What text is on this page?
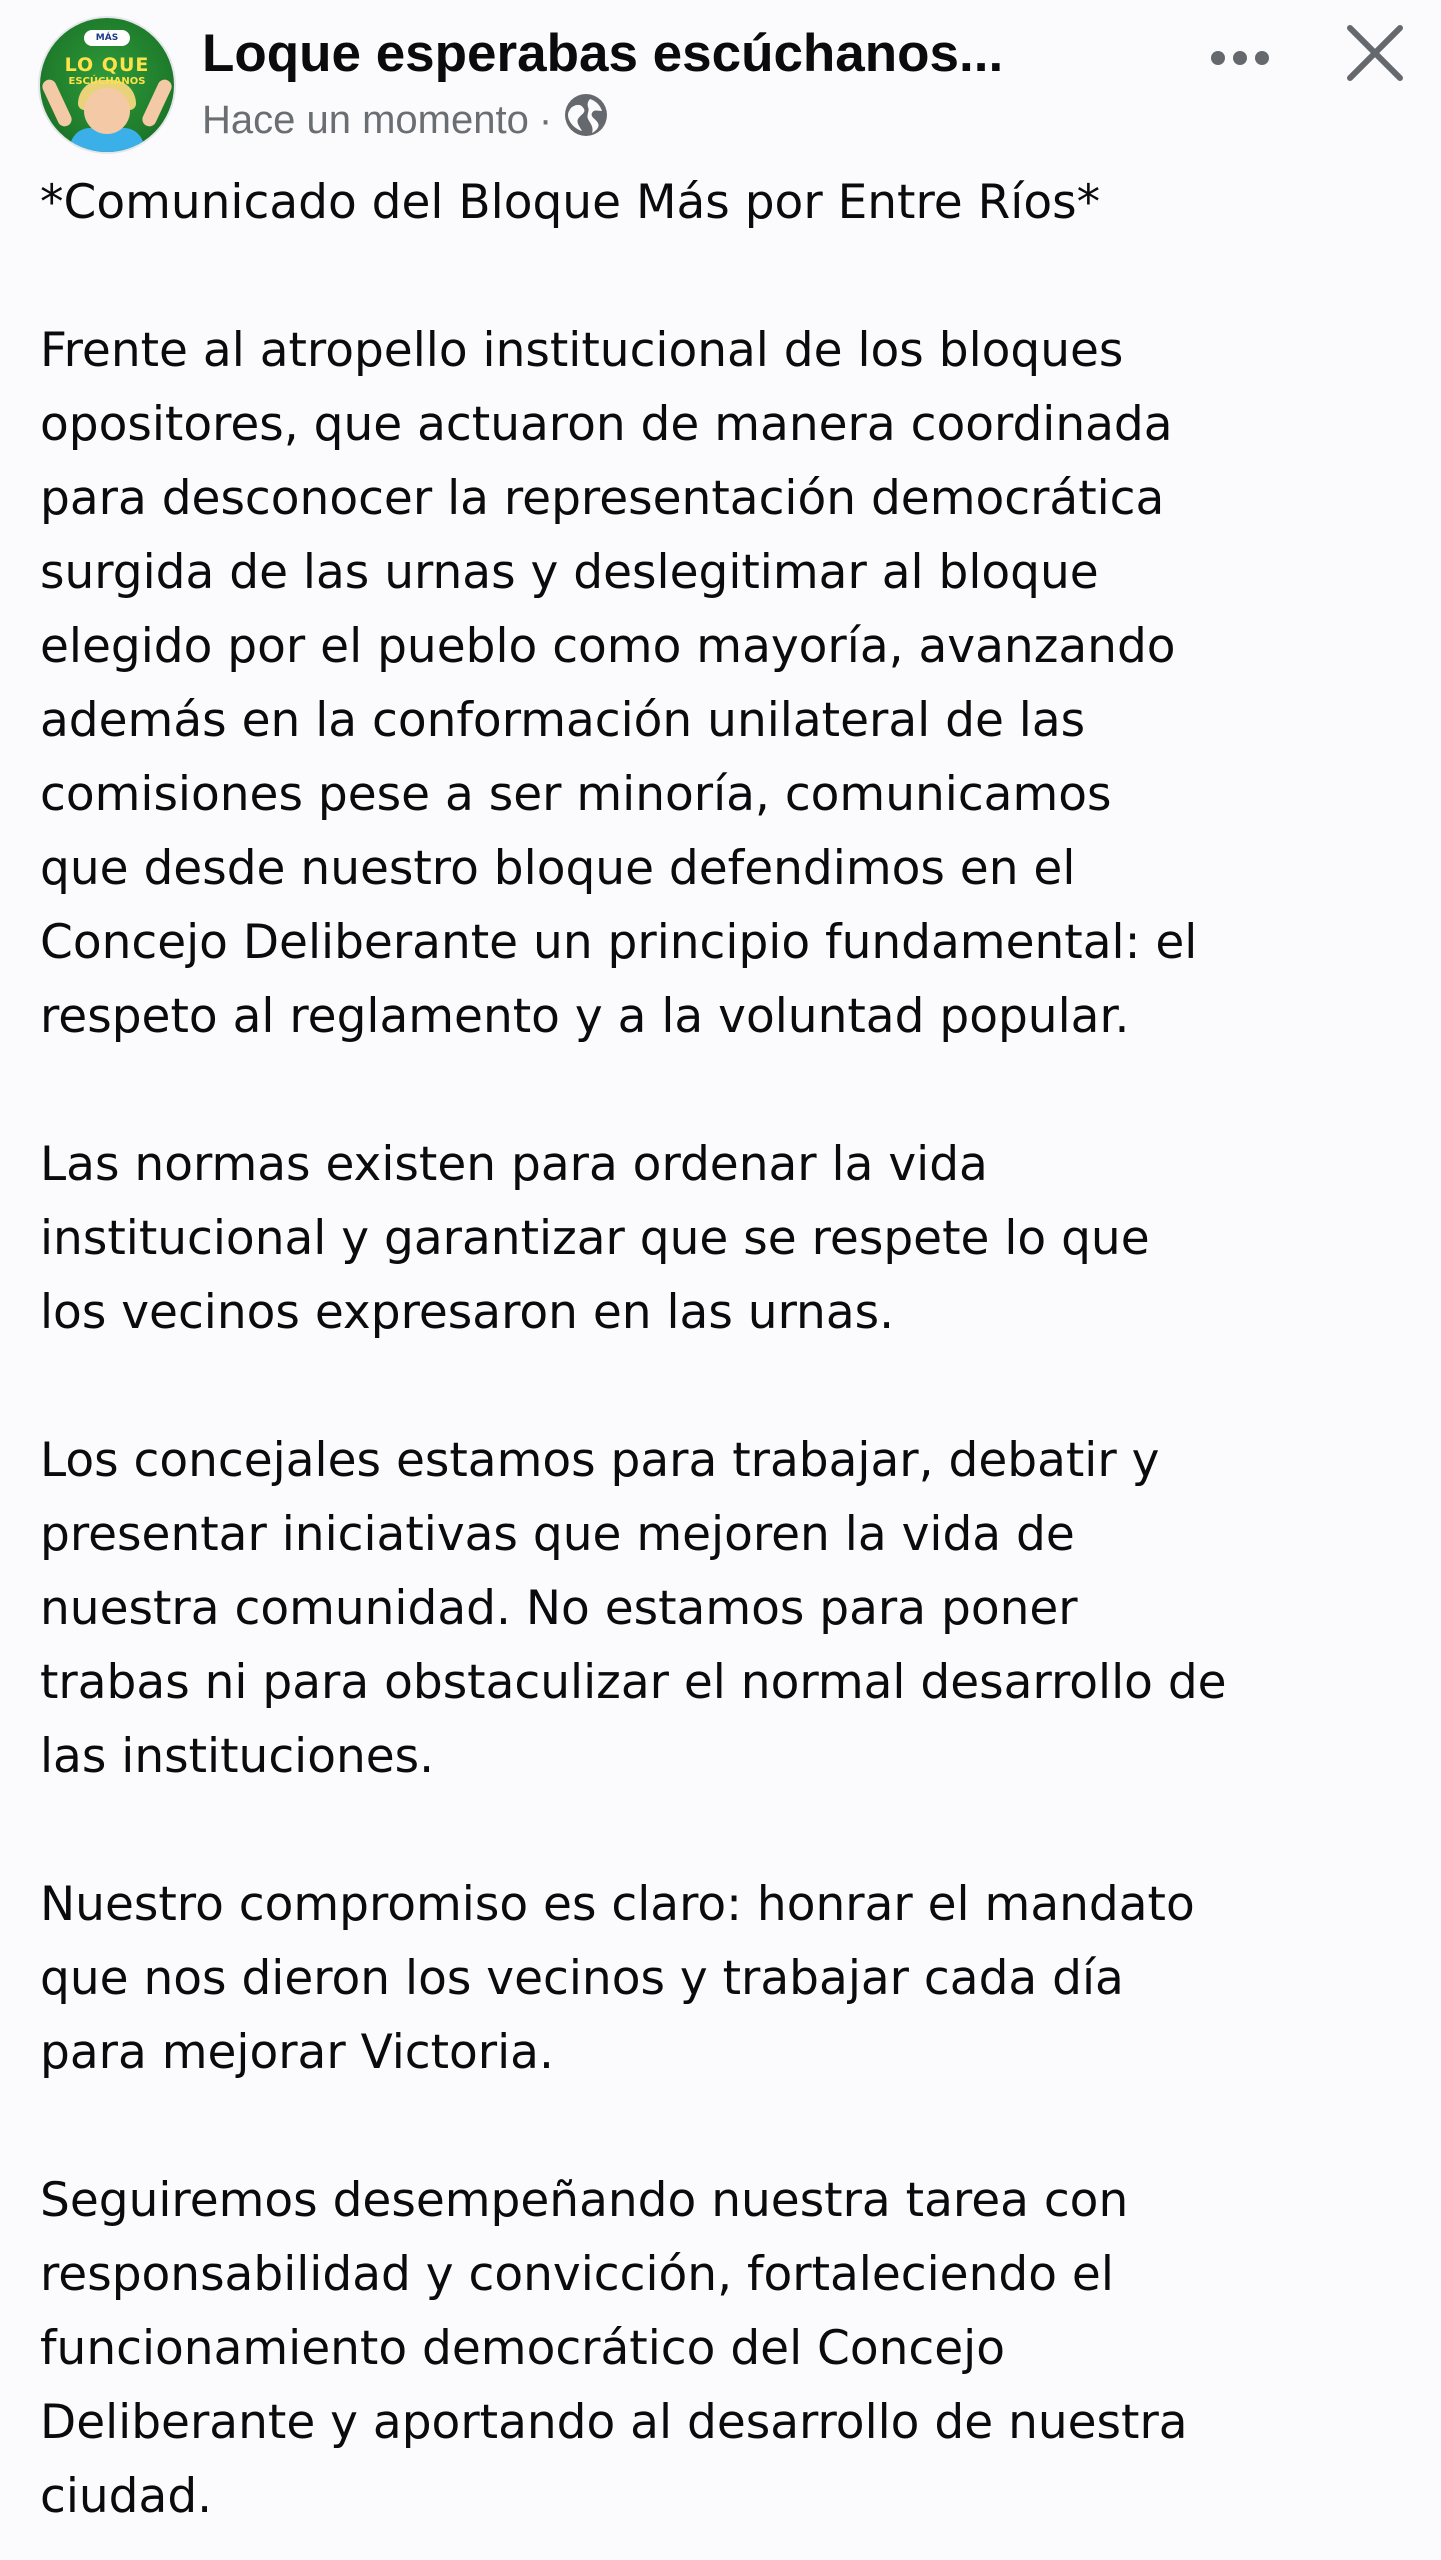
MÁS
LO QUE
ESCÚCHANOS	Loque esperabas escúchanos...
Hace un momento ·

*Comunicado del Bloque Más por Entre Ríos*

Frente al atropello institucional de los bloques
opositores, que actuaron de manera coordinada
para desconocer la representación democrática
surgida de las urnas y deslegitimar al bloque
elegido por el pueblo como mayoría, avanzando
además en la conformación unilateral de las
comisiones pese a ser minoría, comunicamos
que desde nuestro bloque defendimos en el
Concejo Deliberante un principio fundamental: el
respeto al reglamento y a la voluntad popular.

Las normas existen para ordenar la vida
institucional y garantizar que se respete lo que
los vecinos expresaron en las urnas.

Los concejales estamos para trabajar, debatir y
presentar iniciativas que mejoren la vida de
nuestra comunidad. No estamos para poner
trabas ni para obstaculizar el normal desarrollo de
las instituciones.

Nuestro compromiso es claro: honrar el mandato
que nos dieron los vecinos y trabajar cada día
para mejorar Victoria.

Seguiremos desempeñando nuestra tarea con
responsabilidad y convicción, fortaleciendo el
funcionamiento democrático del Concejo
Deliberante y aportando al desarrollo de nuestra
ciudad.
